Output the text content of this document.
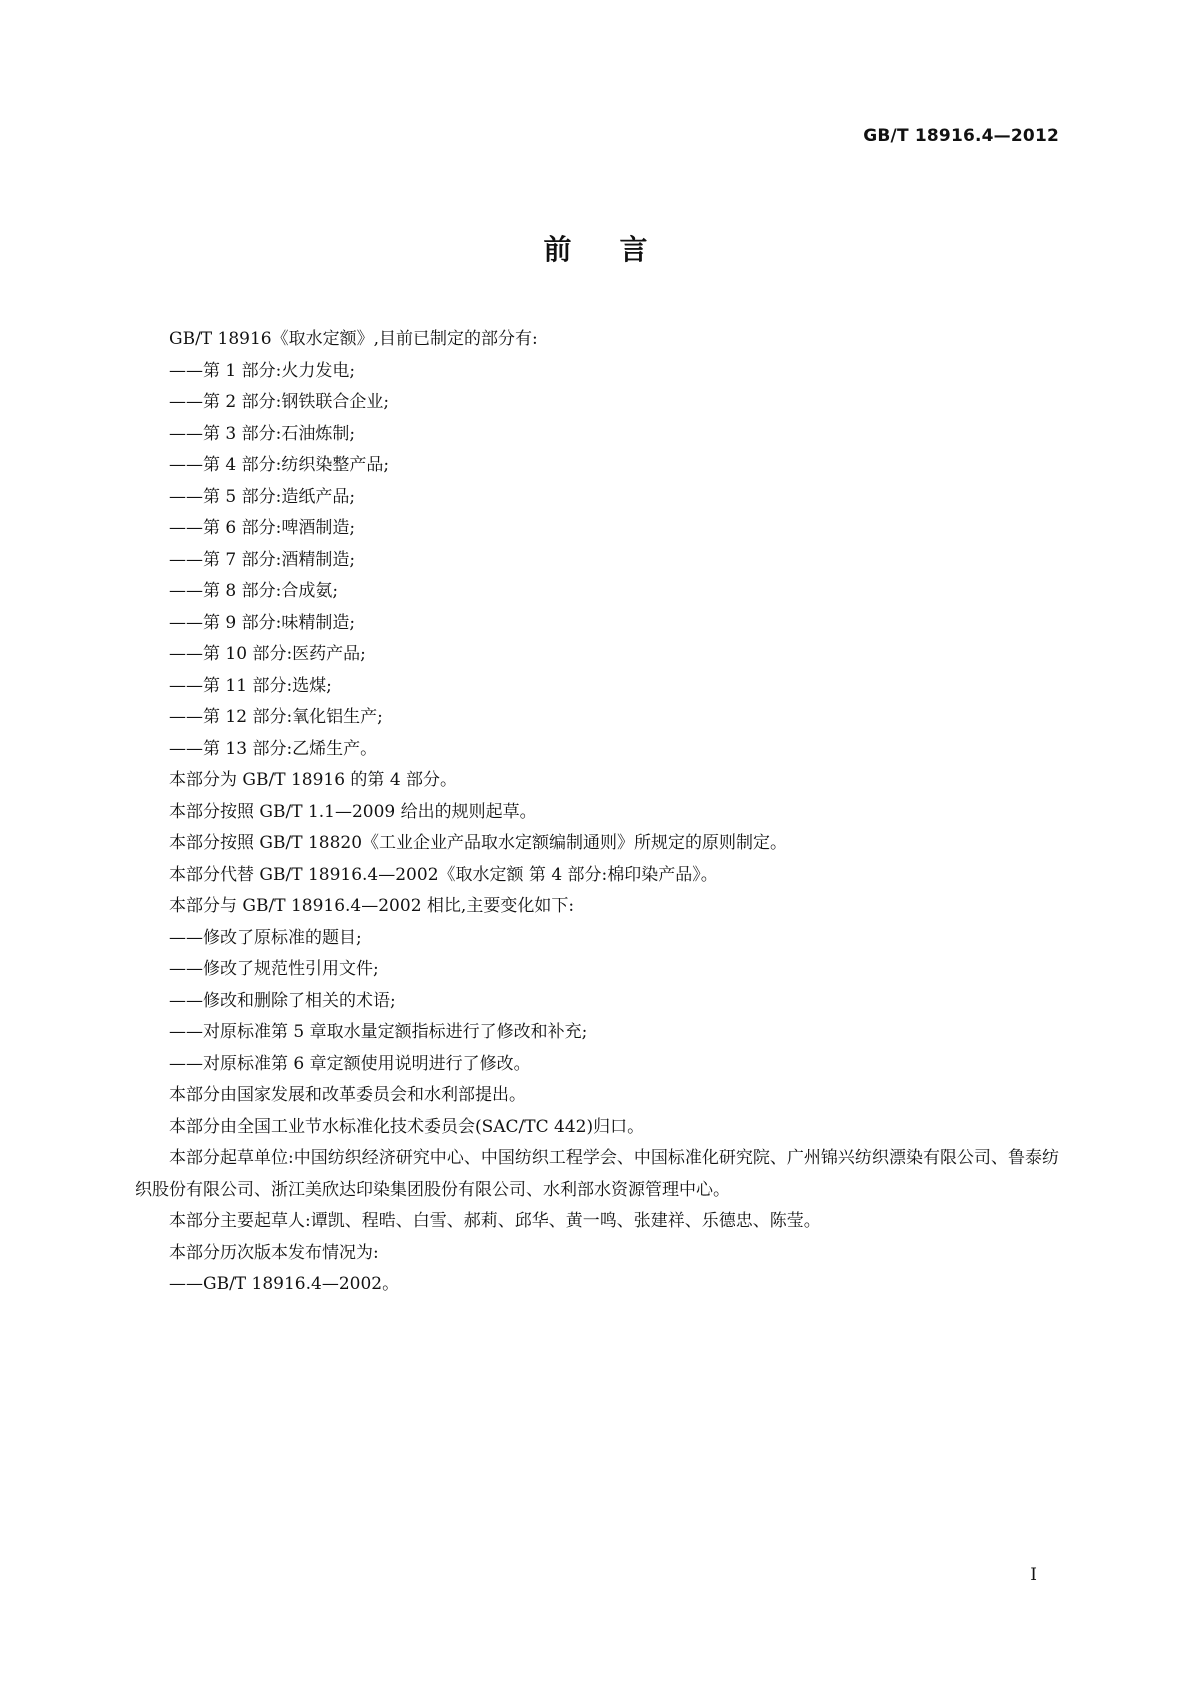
GB/T 18916.4—2012
前言

GB/T 18916《取水定额》,目前已制定的部分有:

——第 1 部分:火力发电;

——第 2 部分:钢铁联合企业;

——第 3 部分:石油炼制;

——第 4 部分:纺织染整产品;

——第 5 部分:造纸产品;

——第 6 部分:啤酒制造;

——第 7 部分:酒精制造;

——第 8 部分:合成氨;

——第 9 部分:味精制造;

——第 10 部分:医药产品;

——第 11 部分:选煤;

——第 12 部分:氧化铝生产;

——第 13 部分:乙烯生产。

本部分为 GB/T 18916 的第 4 部分。

本部分按照 GB/T 1.1—2009 给出的规则起草。

本部分按照 GB/T 18820《工业企业产品取水定额编制通则》所规定的原则制定。

本部分代替 GB/T 18916.4—2002《取水定额 第 4 部分:棉印染产品》。

本部分与 GB/T 18916.4—2002 相比,主要变化如下:

——修改了原标准的题目;

——修改了规范性引用文件;

——修改和删除了相关的术语;

——对原标准第 5 章取水量定额指标进行了修改和补充;

——对原标准第 6 章定额使用说明进行了修改。

本部分由国家发展和改革委员会和水利部提出。

本部分由全国工业节水标准化技术委员会(SAC/TC 442)归口。

本部分起草单位:中国纺织经济研究中心、中国纺织工程学会、中国标准化研究院、广州锦兴纺织漂染有限公司、鲁泰纺织股份有限公司、浙江美欣达印染集团股份有限公司、水利部水资源管理中心。

本部分主要起草人:谭凯、程晧、白雪、郝莉、邱华、黄一鸣、张建祥、乐德忠、陈莹。

本部分历次版本发布情况为:

——GB/T 18916.4—2002。

I
